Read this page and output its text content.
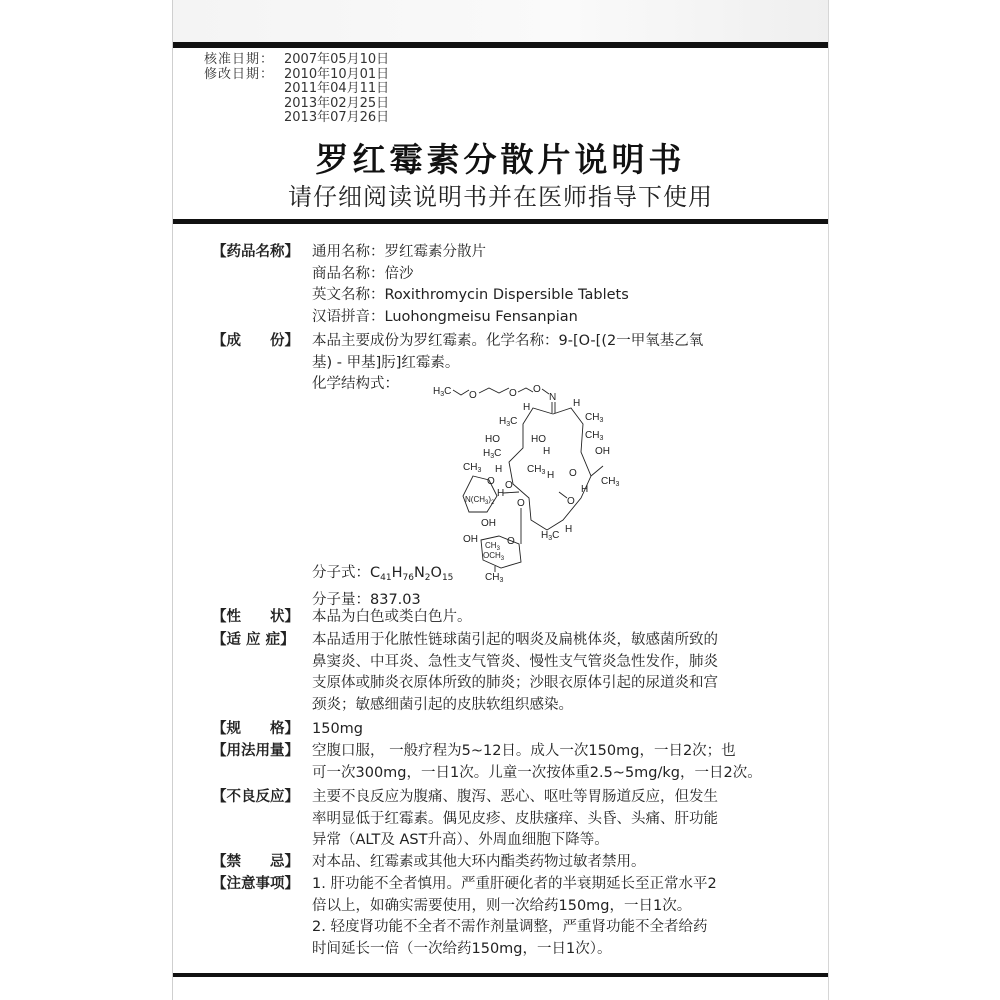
核准日期： 2007年05月10日
修改日期： 2010年10月01日
2011年04月11日
2013年02月25日
2013年07月26日
罗红霉素分散片说明书
请仔细阅读说明书并在医师指导下使用
【药品名称】 通用名称：罗红霉素分散片
商品名称：倍沙
英文名称：Roxithromycin Dispersible Tablets
汉语拼音：Luohongmeisu Fensanpian
【成　　份】 本品主要成份为罗红霉素。化学名称：9-[O-[(2一甲氧基乙氧
基) - 甲基]肟]红霉素。
化学结构式：	$H_3C$ O	O O
N
H	H
$H_3C$	$CH_3$
HO	HO	$CH_3$
$H_3C$	H	OH
H $CH_3$ O
H
$CH_3$
H
O
O
$H_3C$
H
$CH_3$
O
$N(CH_3)_2$
H
O
OH
O
OH
$CH_3$
$OCH_3$
$CH_3$
分子式：$C_{41}H_{76}N_2O_{15}$
分子量：837.03
【性　　状】 本品为白色或类白色片。
【适 应 症】	本品适用于化脓性链球菌引起的咽炎及扁桃体炎，敏感菌所致的
鼻窦炎、中耳炎、急性支气管炎、慢性支气管炎急性发作，肺炎
支原体或肺炎衣原体所致的肺炎；沙眼衣原体引起的尿道炎和宫
颈炎；敏感细菌引起的皮肤软组织感染。
【规　　格】 150mg
【用法用量】 空腹口服， 一般疗程为5~12日。成人一次150mg，一日2次；也
可一次300mg，一日1次。儿童一次按体重2.5~5mg/kg，一日2次。
【不良反应】 主要不良反应为腹痛、腹泻、恶心、呕吐等胃肠道反应，但发生
率明显低于红霉素。偶见皮疹、皮肤瘙痒、头昏、头痛、肝功能
异常（ALT及 AST升高）、外周血细胞下降等。
【禁　　忌】 对本品、红霉素或其他大环内酯类药物过敏者禁用。
【注意事项】 1. 肝功能不全者慎用。严重肝硬化者的半衰期延长至正常水平2
倍以上，如确实需要使用，则一次给药150mg，一日1次。
2. 轻度肾功能不全者不需作剂量调整，严重肾功能不全者给药
时间延长一倍（一次给药150mg，一日1次）。
